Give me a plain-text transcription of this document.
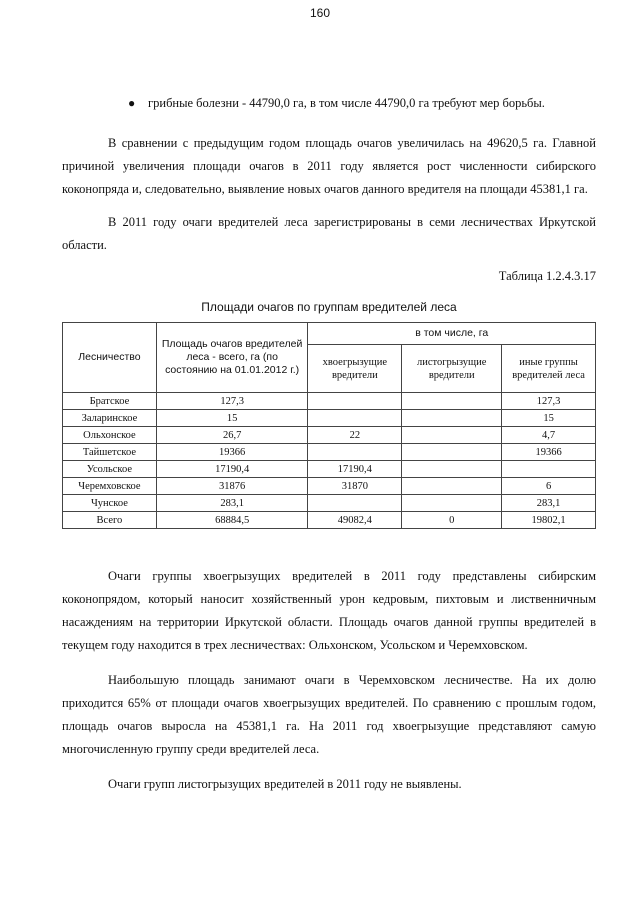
160
● грибные болезни - 44790,0 га, в том числе 44790,0 га требуют мер борьбы.

В сравнении с предыдущим годом площадь очагов увеличилась на 49620,5 га. Главной причиной увеличения площади очагов в 2011 году является рост численности сибирского коконопряда и, следовательно, выявление новых очагов данного вредителя на площади 45381,1 га.

В 2011 году очаги вредителей леса зарегистрированы в семи лесничествах Иркутской области.

Таблица 1.2.4.3.17
Площади очагов по группам вредителей леса
Лесничество	Площадь очагов вредителей леса - всего, га (по состоянию на 01.01.2012 г.)	в том числе, га		
		хвоегрызущие вредители	листогрызущие вредители	иные группы вредителей леса
Братское	127,3			127,3
Заларинское	15			15
Ольхонское	26,7	22		4,7
Тайшетское	19366			19366
Усольское	17190,4	17190,4		
Черемховское	31876	31870		6
Чунское	283,1			283,1
Всего	68884,5	49082,4	0	19802,1

Очаги группы хвоегрызущих вредителей в 2011 году представлены сибирским коконопрядом, который наносит хозяйственный урон кедровым, пихтовым и лиственничным насаждениям на территории Иркутской области. Площадь очагов данной группы вредителей в текущем году находится в трех лесничествах: Ольхонском, Усольском и Черемховском.

Наибольшую площадь занимают очаги в Черемховском лесничестве. На их долю приходится 65% от площади очагов хвоегрызущих вредителей. По сравнению с прошлым годом, площадь очагов выросла на 45381,1 га. На 2011 год хвоегрызущие представляют самую многочисленную группу среди вредителей леса.

Очаги групп листогрызущих вредителей в 2011 году не выявлены.
